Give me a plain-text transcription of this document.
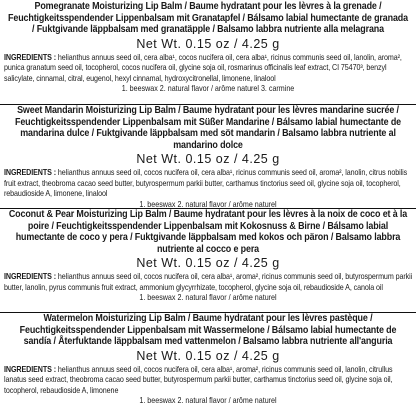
Pomegranate Moisturizing Lip Balm / Baume hydratant pour les lèvres à la grenade / Feuchtigkeitsspendender Lippenbalsam mit Granatapfel / Bálsamo labial humectante de granada / Fuktgivande läppbalsam med granatäpple / Balsamo labbra nutriente alla melagrana
Net Wt. 0.15 oz / 4.25 g
INGREDIENTS : helianthus annuus seed oil, cera alba¹, cocos nucifera oil, cera alba¹, ricinus communis seed oil, lanolin, aroma², punica granatum seed oil, tocopherol, cocos nucifera oil, glycine soja oil, rosmarinus officinalis leaf extract, CI 75470³, benzyl salicylate, cinnamal, citral, eugenol, hexyl cinnamal, hydroxycitronellal, limonene, linalool
1. beeswax 2. natural flavor / arôme naturel 3. carmine
Sweet Mandarin Moisturizing Lip Balm / Baume hydratant pour les lèvres mandarine sucrée / Feuchtigkeitsspendender Lippenbalsam mit Süßer Mandarine / Bálsamo labial humectante de mandarina dulce / Fuktgivande läppbalsam med söt mandarin / Balsamo labbra nutriente al mandarino dolce
Net Wt. 0.15 oz / 4.25 g
INGREDIENTS : helianthus annuus seed oil, cocos nucifera oil, cera alba¹, ricinus communis seed oil, aroma², lanolin, citrus nobilis fruit extract, theobroma cacao seed butter, butyrospermum parkii butter, carthamus tinctorius seed oil, glycine soja oil, tocopherol, rebaudioside A, limonene, linalool
1. beeswax 2. natural flavor / arôme naturel
Coconut & Pear Moisturizing Lip Balm / Baume hydratant pour les lèvres à la noix de coco et à la poire / Feuchtigkeitsspendender Lippenbalsam mit Kokosnuss & Birne / Bálsamo labial humectante de coco y pera / Fuktgivande läppbalsam med kokos och päron / Balsamo labbra nutriente al cocco e pera
Net Wt. 0.15 oz / 4.25 g
INGREDIENTS : helianthus annuus seed oil, cocos nucifera oil, cera alba¹, aroma², ricinus communis seed oil, butyrospermum parkii butter, lanolin, pyrus communis fruit extract, ammonium glycyrrhizate, tocopherol, glycine soja oil, rebaudioside A, canola oil
1. beeswax 2. natural flavor / arôme naturel
Watermelon Moisturizing Lip Balm / Baume hydratant pour les lèvres pastèque / Feuchtigkeitsspendender Lippenbalsam mit Wassermelone / Bálsamo labial humectante de sandía / Återfuktande läppbalsam med vattenmelon / Balsamo labbra nutriente all'anguria
Net Wt. 0.15 oz / 4.25 g
INGREDIENTS : helianthus annuus seed oil, cocos nucifera oil, cera alba¹, aroma², ricinus communis seed oil, lanolin, citrullus lanatus seed extract, theobroma cacao seed butter, butyrospermum parkii butter, carthamus tinctorius seed oil, glycine soja oil, tocopherol, rebaudioside A, limonene
1. beeswax 2. natural flavor / arôme naturel
